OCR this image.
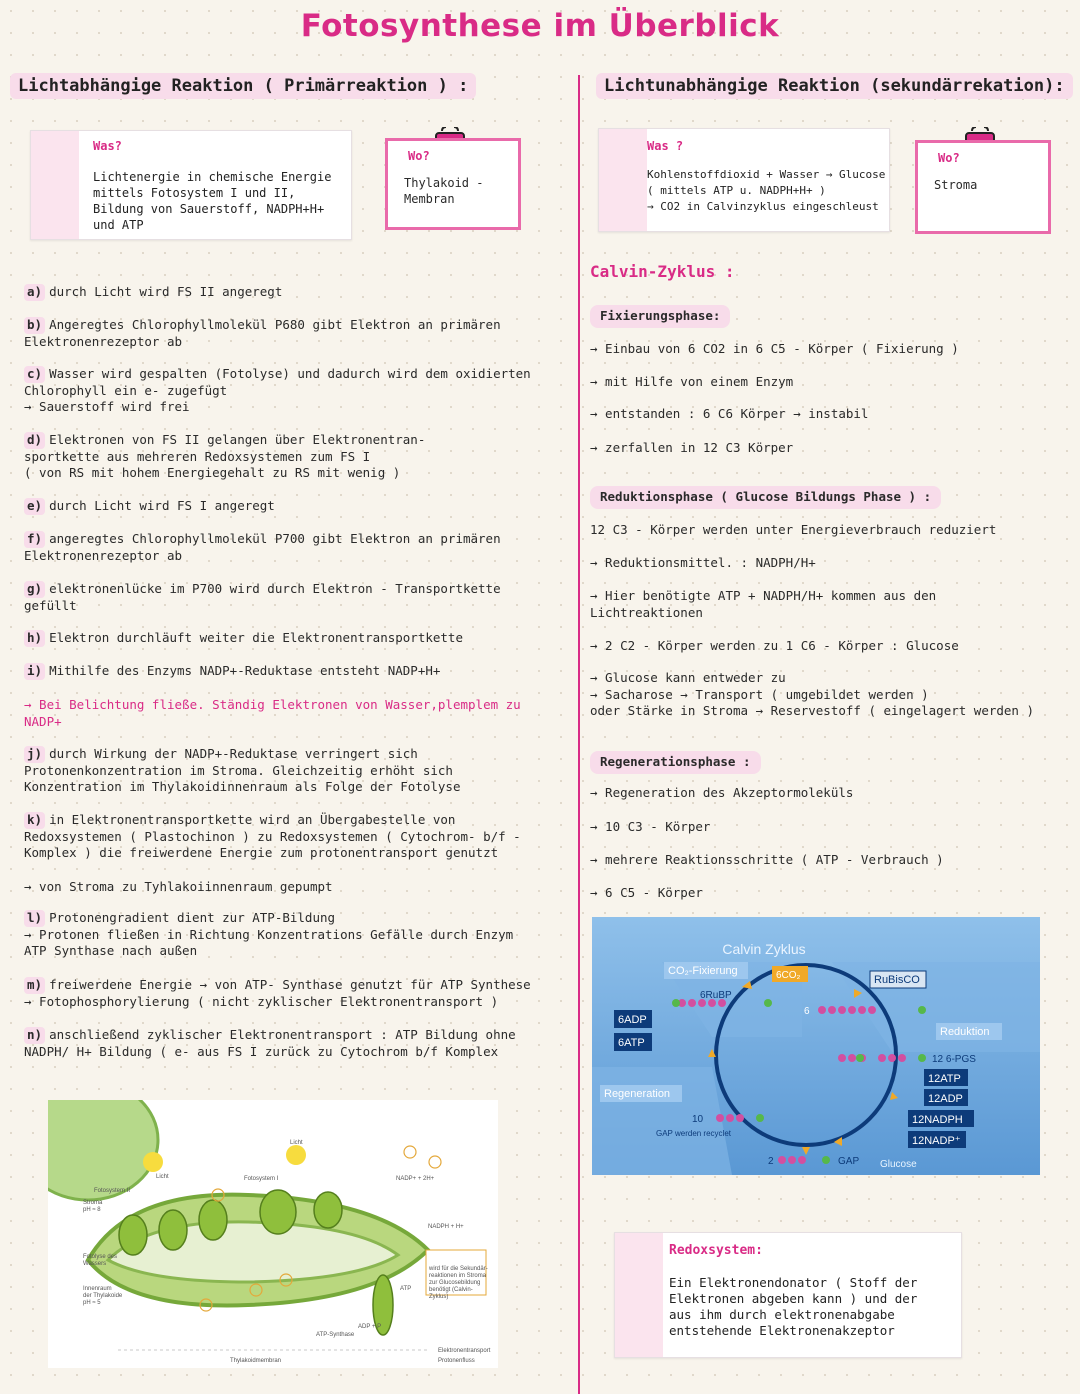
Fotosynthese im Überblick
Lichtabhängige Reaktion ( Primärreaktion ) :	Lichtunabhängige Reaktion (sekundärrekation):
Was?
Lichtenergie in chemische Energie
mittels Fotosystem I und II,
Bildung von Sauerstoff, NADPH+H+
und ATP
Wo?
Thylakoid -
Membran
Was ?
Kohlenstoffdioxid + Wasser → Glucose
( mittels ATP u. NADPH+H+ )
→ CO2 in Calvinzyklus eingeschleust
Wo?
Stroma
a) durch Licht wird FS II angeregt
b) Angeregtes Chlorophyllmolekül P680 gibt Elektron an primären
Elektronenrezeptor ab
c) Wasser wird gespalten (Fotolyse) und dadurch wird dem oxidierten
Chlorophyll ein e- zugefügt
→ Sauerstoff wird frei
d) Elektronen von FS II gelangen über Elektronentran-
sportkette aus mehreren Redoxsystemen zum FS I
( von RS mit hohem Energiegehalt zu RS mit wenig )
e) durch Licht wird FS I angeregt
f) angeregtes Chlorophyllmolekül P700 gibt Elektron an primären
Elektronenrezeptor ab
g) elektronenlücke im P700 wird durch Elektron - Transportkette
gefüllt
h) Elektron durchläuft weiter die Elektronentransportkette
i) Mithilfe des Enzyms NADP+-Reduktase entsteht NADP+H+
→ Bei Belichtung fließe. Ständig Elektronen von Wasser,plemplem zu
NADP+
j) durch Wirkung der NADP+-Reduktase verringert sich
Protonenkonzentration im Stroma. Gleichzeitig erhöht sich
Konzentration im Thylakoidinnenraum als Folge der Fotolyse
k) in Elektronentransportkette wird an Übergabestelle von
Redoxsystemen ( Plastochinon ) zu Redoxsystemen ( Cytochrom- b/f -
Komplex ) die freiwerdene Energie zum protonentransport genutzt
→ von Stroma zu Tyhlakoiinnenraum gepumpt
l) Protonengradient dient zur ATP-Bildung
→ Protonen fließen in Richtung Konzentrations Gefälle durch Enzym
ATP Synthase nach außen
m) freiwerdene Energie → von ATP- Synthase genutzt für ATP Synthese
→ Fotophosphorylierung ( nicht zyklischer Elektronentransport )
n) anschließend zyklischer Elektronentransport : ATP Bildung ohne
NADPH/ H+ Bildung ( e- aus FS I zurück zu Cytochrom b/f Komplex
Licht
Licht
Fotosystem II
Fotosystem I
Stroma pH ≈ 8
Fotolyse des Wassers
Innenraum der Thylakoide pH ≈ 5
NADP+ + 2H+
NADPH + H+
ATP
ADP + P
ATP-Synthase
Thylakoidmembran
wird für die Sekundär-reaktionen im Stroma zur Glucosebildung benötigt (Calvin-Zyklus)
Elektronentransport
Protonenfluss
Calvin-Zyklus :
Fixierungsphase:
→ Einbau von 6 CO2 in 6 C5 - Körper ( Fixierung )
→ mit Hilfe von einem Enzym
→ entstanden : 6 C6 Körper → instabil
→ zerfallen in 12 C3 Körper
Reduktionsphase ( Glucose Bildungs Phase ) :
12 C3 - Körper werden unter Energieverbrauch reduziert
→ Reduktionsmittel. : NADPH/H+
→ Hier benötigte ATP + NADPH/H+ kommen aus den
Lichtreaktionen
→ 2 C2 - Körper werden zu 1 C6 - Körper : Glucose
→ Glucose kann entweder zu
→ Sacharose → Transport ( umgebildet werden )
oder Stärke in Stroma → Reservestoff ( eingelagert werden )
Regenerationsphase :
→ Regeneration des Akzeptormoleküls
→ 10 C3 - Körper
→ mehrere Reaktionsschritte ( ATP - Verbrauch )
→ 6 C5 - Körper
Calvin Zyklus
CO₂-Fixierung	6CO₂	RuBisCO
6RuBP
6
6ADP
6ATP
Reduktion
12 6-PGS
12ATP
12ADP
12NADPH
12NADP⁺
Regeneration
10
GAP werden recyclet
2	GAP Glucose
Redoxsystem:
Ein Elektronendonator ( Stoff der
Elektronen abgeben kann ) und der
aus ihm durch elektronenabgabe
entstehende Elektronenakzeptor
